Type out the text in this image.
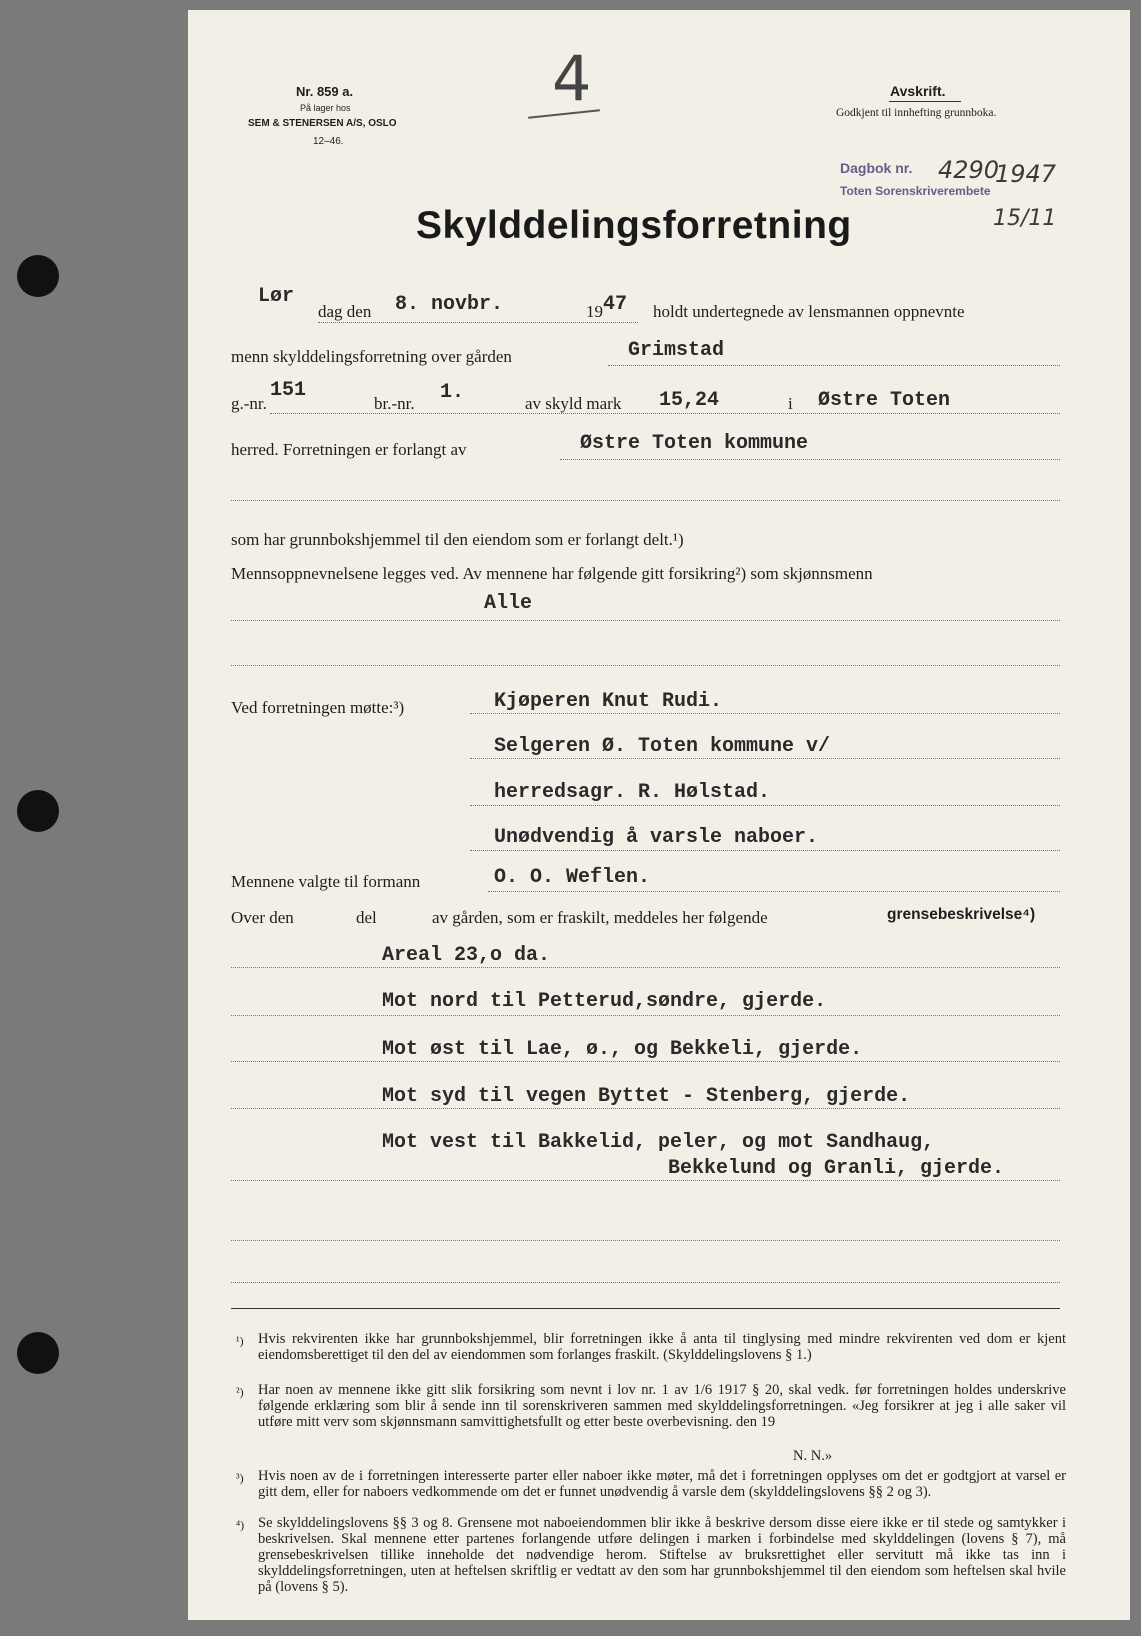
Nr. 859 a.
På lager hos
SEM & STENERSEN A/S, OSLO
12–46.
4	Avskrift.
Godkjent til innhefting grunnboka.
Dagbok nr. 4290
1947
Toten Sorenskriverembete
15/11
Skylddelingsforretning
Lør
dag den 8. novbr.	19 47 holdt undertegnede av lensmannen oppnevnte
menn skylddelingsforretning over gården	Grimstad
g.-nr.
151
br.-nr. 1.	av skyld mark 15,24	i Østre Toten
herred. Forretningen er forlangt av	Østre Toten kommune
som har grunnbokshjemmel til den eiendom som er forlangt delt.¹)
Mennsoppnevnelsene legges ved. Av mennene har følgende gitt forsikring²) som skjønnsmenn
Alle
Ved forretningen møtte:³)	Kjøperen Knut Rudi.
Selgeren Ø. Toten kommune v/
herredsagr. R. Hølstad.
Unødvendig å varsle naboer.
Mennene valgte til formann	O. O. Weflen.
Over den	del	av gården, som er fraskilt, meddeles her følgende	grensebeskrivelse⁴)
Areal 23,o da.
Mot nord til Petterud,søndre, gjerde.
Mot øst til Lae, ø., og Bekkeli, gjerde.
Mot syd til vegen Byttet - Stenberg, gjerde.
Mot vest til Bakkelid, peler, og mot Sandhaug,
Bekkelund og Granli, gjerde.
¹) Hvis rekvirenten ikke har grunnbokshjemmel, blir forretningen ikke å anta til tinglysing med mindre rekvirenten ved dom er kjent eiendomsberettiget til den del av eiendommen som forlanges fraskilt. (Skylddelingslovens § 1.)
²) Har noen av mennene ikke gitt slik forsikring som nevnt i lov nr. 1 av 1/6 1917 § 20, skal vedk. før forretningen holdes underskrive følgende erklæring som blir å sende inn til sorenskriveren sammen med skylddelingsforretningen. «Jeg forsikrer at jeg i alle saker vil utføre mitt verv som skjønnsmann samvittighetsfullt og etter beste overbevisning. den 19
N. N.»
³) Hvis noen av de i forretningen interesserte parter eller naboer ikke møter, må det i forretningen opplyses om det er godtgjort at varsel er gitt dem, eller for naboers vedkommende om det er funnet unødvendig å varsle dem (skylddelingslovens §§ 2 og 3).
⁴) Se skylddelingslovens §§ 3 og 8. Grensene mot naboeiendommen blir ikke å beskrive dersom disse eiere ikke er til stede og samtykker i beskrivelsen. Skal mennene etter partenes forlangende utføre delingen i marken i forbindelse med skylddelingen (lovens § 7), må grensebeskrivelsen tillike inneholde det nødvendige herom. Stiftelse av bruksrettighet eller servitutt må ikke tas inn i skylddelingsforretningen, uten at heftelsen skriftlig er vedtatt av den som har grunnbokshjemmel til den eiendom som heftelsen skal hvile på (lovens § 5).
